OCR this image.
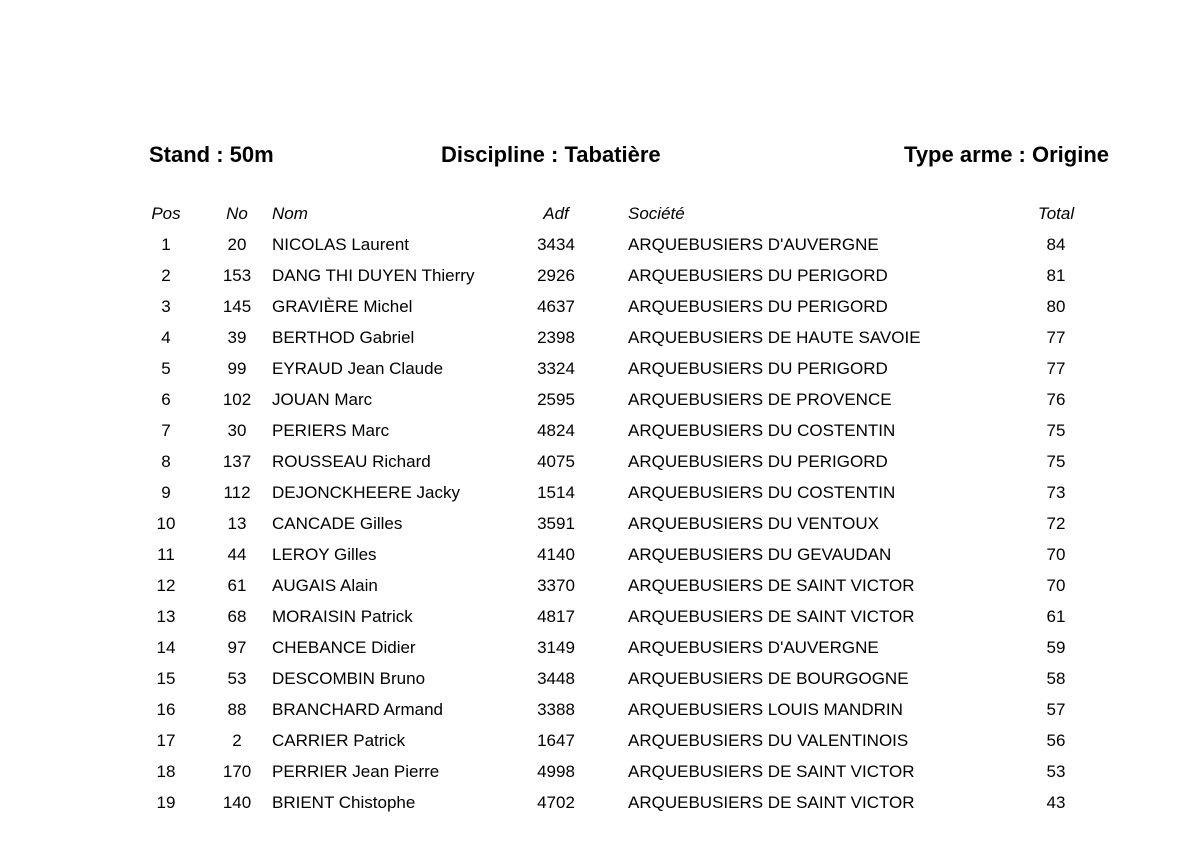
Stand : 50m	Discipline : Tabatière	Type arme : Origine
Pos	No	Nom	Adf	Société	Total
1	20	NICOLAS Laurent	3434	ARQUEBUSIERS D'AUVERGNE	84
2	153	DANG THI DUYEN Thierry	2926	ARQUEBUSIERS DU PERIGORD	81
3	145	GRAVIÈRE Michel	4637	ARQUEBUSIERS DU PERIGORD	80
4	39	BERTHOD Gabriel	2398	ARQUEBUSIERS DE HAUTE SAVOIE	77
5	99	EYRAUD Jean Claude	3324	ARQUEBUSIERS DU PERIGORD	77
6	102	JOUAN Marc	2595	ARQUEBUSIERS DE PROVENCE	76
7	30	PERIERS Marc	4824	ARQUEBUSIERS DU COSTENTIN	75
8	137	ROUSSEAU Richard	4075	ARQUEBUSIERS DU PERIGORD	75
9	112	DEJONCKHEERE Jacky	1514	ARQUEBUSIERS DU COSTENTIN	73
10	13	CANCADE Gilles	3591	ARQUEBUSIERS DU VENTOUX	72
11	44	LEROY Gilles	4140	ARQUEBUSIERS DU GEVAUDAN	70
12	61	AUGAIS Alain	3370	ARQUEBUSIERS DE SAINT VICTOR	70
13	68	MORAISIN Patrick	4817	ARQUEBUSIERS DE SAINT VICTOR	61
14	97	CHEBANCE Didier	3149	ARQUEBUSIERS D'AUVERGNE	59
15	53	DESCOMBIN Bruno	3448	ARQUEBUSIERS DE BOURGOGNE	58
16	88	BRANCHARD Armand	3388	ARQUEBUSIERS LOUIS MANDRIN	57
17	2	CARRIER Patrick	1647	ARQUEBUSIERS DU VALENTINOIS	56
18	170	PERRIER Jean Pierre	4998	ARQUEBUSIERS DE SAINT VICTOR	53
19	140	BRIENT Chistophe	4702	ARQUEBUSIERS DE SAINT VICTOR	43
